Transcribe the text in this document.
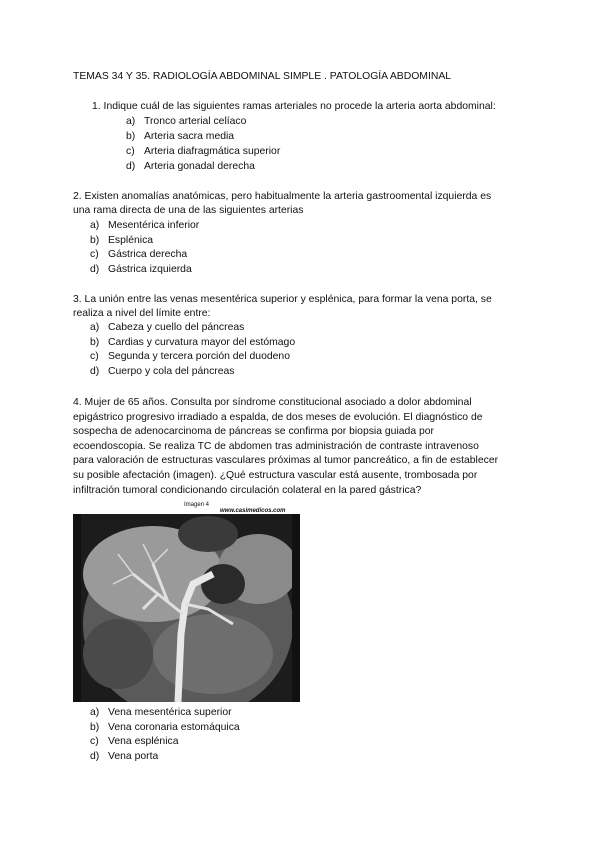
TEMAS 34 Y 35. RADIOLOGÍA ABDOMINAL SIMPLE . PATOLOGÍA ABDOMINAL
1. Indique cuál de las siguientes ramas arteriales no procede la arteria aorta abdominal:
a) Tronco arterial celíaco
b) Arteria sacra media
c) Arteria diafragmática superior
d) Arteria gonadal derecha
2. Existen anomalías anatómicas, pero habitualmente la arteria gastroomental izquierda es
una rama directa de una de las siguientes arterias
a) Mesentérica inferior
b) Esplénica
c) Gástrica derecha
d) Gástrica izquierda
3. La unión entre las venas mesentérica superior y esplénica, para formar la vena porta, se
realiza a nivel del límite entre:
a) Cabeza y cuello del páncreas
b) Cardias y curvatura mayor del estómago
c) Segunda y tercera porción del duodeno
d) Cuerpo y cola del páncreas
4. Mujer de 65 años. Consulta por síndrome constitucional asociado a dolor abdominal
epigástrico progresivo irradiado a espalda, de dos meses de evolución. El diagnóstico de
sospecha de adenocarcinoma de páncreas se confirma por biopsia guiada por
ecoendoscopia. Se realiza TC de abdomen tras administración de contraste intravenoso
para valoración de estructuras vasculares próximas al tumor pancreático, a fin de establecer
su posible afectación (imagen). ¿Qué estructura vascular está ausente, trombosada por
infiltración tumoral condicionando circulación colateral en la pared gástrica?
Imagen 4
www.casimedicos.com
a) Vena mesentérica superior
b) Vena coronaria estomáquica
c) Vena esplénica
d) Vena porta
